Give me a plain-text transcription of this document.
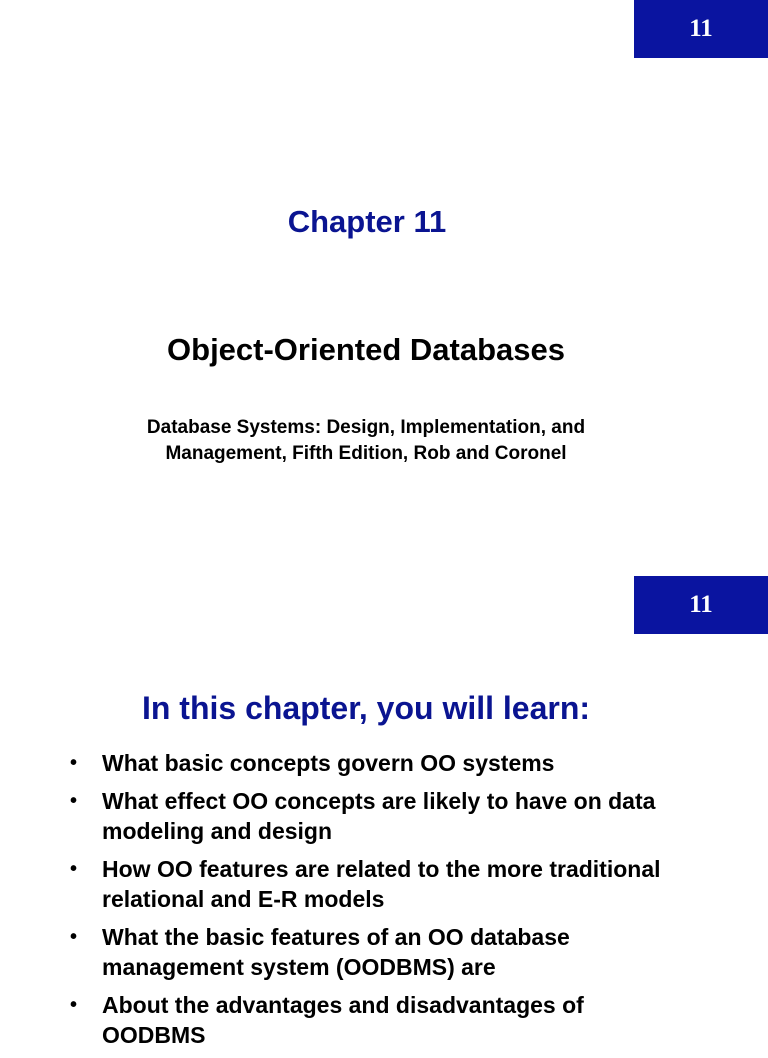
11
Chapter 11
Object-Oriented Databases
Database Systems: Design, Implementation, and
Management, Fifth Edition, Rob and Coronel
11
In this chapter, you will learn:
• What basic concepts govern OO systems
• What effect OO concepts are likely to have on data modeling and design
• How OO features are related to the more traditional relational and E-R models
• What the basic features of an OO database management system (OODBMS) are
• About the advantages and disadvantages of OODBMS
